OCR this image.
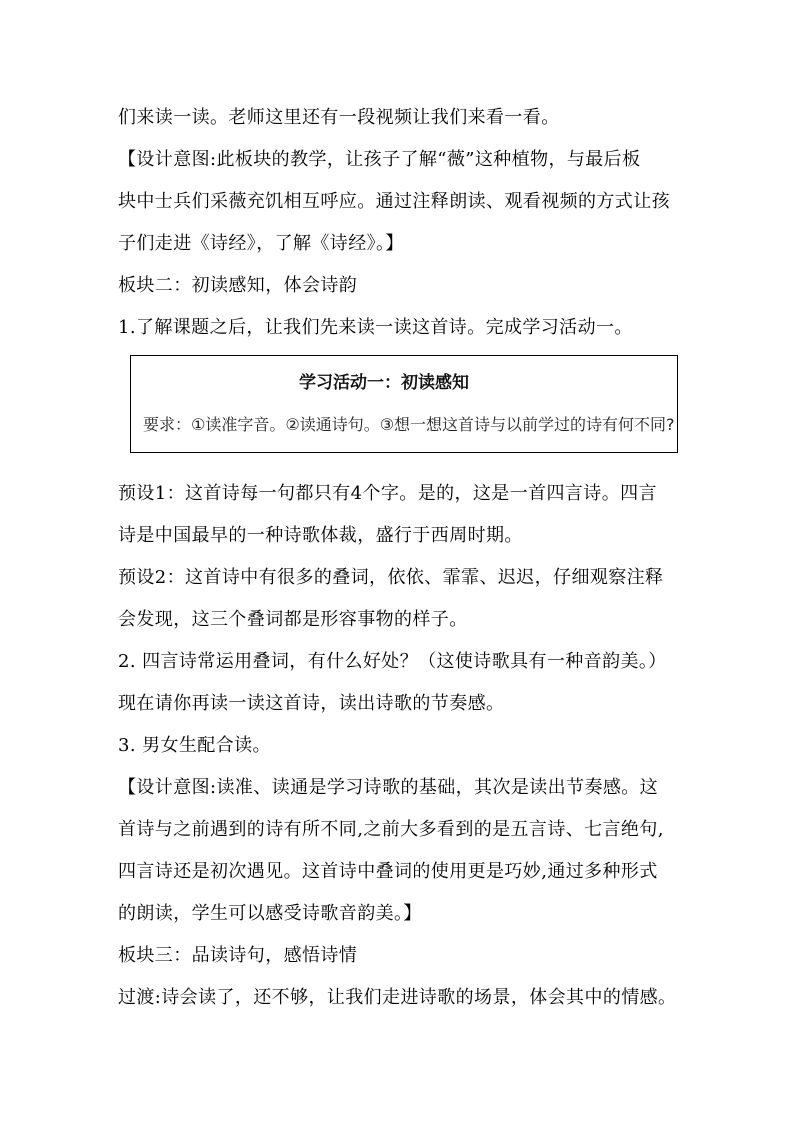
们来读一读。老师这里还有一段视频让我们来看一看。
【设计意图:此板块的教学，让孩子了解“薇”这种植物，与最后板
块中士兵们采薇充饥相互呼应。通过注释朗读、观看视频的方式让孩
子们走进《诗经》，了解《诗经》。】
板块二：初读感知，体会诗韵
1.了解课题之后，让我们先来读一读这首诗。完成学习活动一。
学习活动一：初读感知
要求：①读准字音。②读通诗句。③想一想这首诗与以前学过的诗有何不同?
预设1：这首诗每一句都只有4个字。是的，这是一首四言诗。四言
诗是中国最早的一种诗歌体裁，盛行于西周时期。
预设2：这首诗中有很多的叠词，依依、霏霏、迟迟，仔细观察注释
会发现，这三个叠词都是形容事物的样子。
2. 四言诗常运用叠词，有什么好处？（这使诗歌具有一种音韵美。）
现在请你再读一读这首诗，读出诗歌的节奏感。
3. 男女生配合读。
【设计意图:读准、读通是学习诗歌的基础，其次是读出节奏感。这
首诗与之前遇到的诗有所不同,之前大多看到的是五言诗、七言绝句,
四言诗还是初次遇见。这首诗中叠词的使用更是巧妙,通过多种形式
的朗读，学生可以感受诗歌音韵美。】
板块三：品读诗句，感悟诗情
过渡:诗会读了，还不够，让我们走进诗歌的场景，体会其中的情感。
